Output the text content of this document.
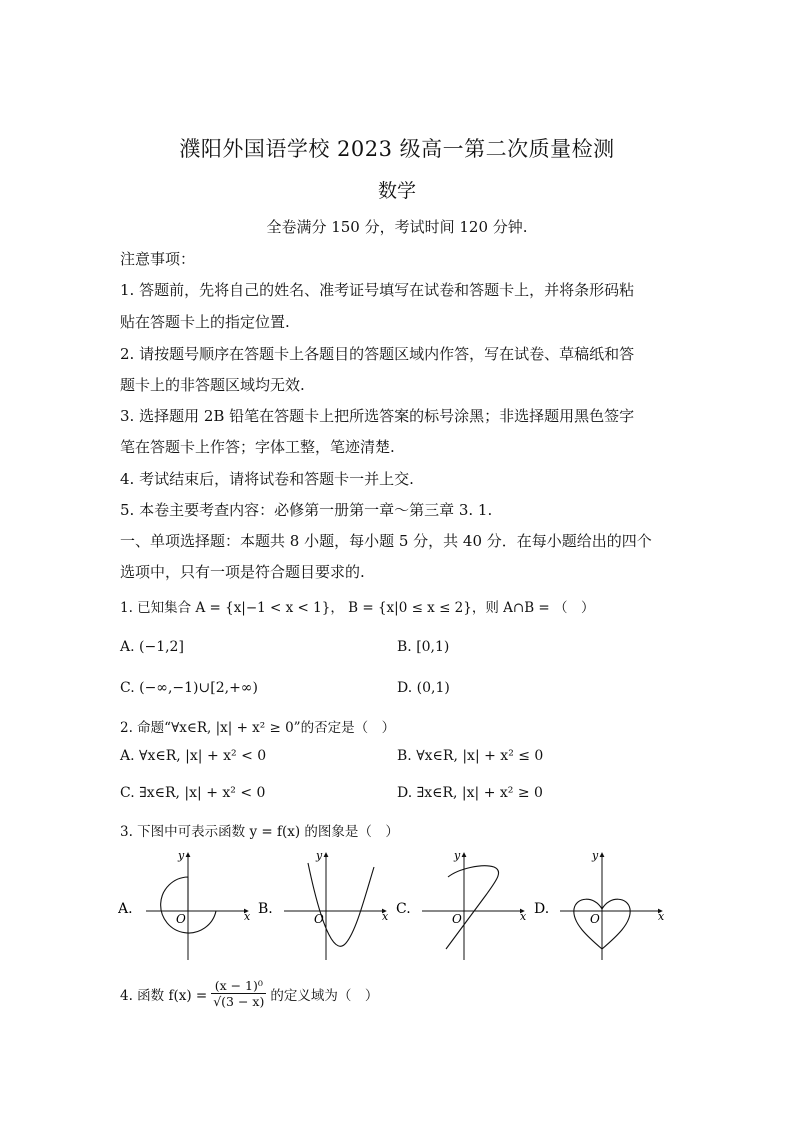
濮阳外国语学校 2023 级高一第二次质量检测
数学
全卷满分 150 分，考试时间 120 分钟.
注意事项：
1. 答题前，先将自己的姓名、准考证号填写在试卷和答题卡上，并将条形码粘
贴在答题卡上的指定位置.
2. 请按题号顺序在答题卡上各题目的答题区域内作答，写在试卷、草稿纸和答
题卡上的非答题区域均无效.
3. 选择题用 2B 铅笔在答题卡上把所选答案的标号涂黑；非选择题用黑色签字
笔在答题卡上作答；字体工整，笔迹清楚.
4. 考试结束后，请将试卷和答题卡一并上交.
5. 本卷主要考查内容：必修第一册第一章～第三章 3. 1.
一、单项选择题：本题共 8 小题，每小题 5 分，共 40 分．在每小题给出的四个
选项中，只有一项是符合题目要求的.
1. 已知集合 A = {x|−1 < x < 1}， B = {x|0 ≤ x ≤ 2}，则 A∩B = （　）
A. (−1,2]	B. [0,1)
C. (−∞,−1)∪[2,+∞)	D. (0,1)
2. 命题“∀x∈R, |x| + x² ≥ 0”的否定是（　）
A. ∀x∈R, |x| + x² < 0	B. ∀x∈R, |x| + x² ≤ 0
C. ∃x∈R, |x| + x² < 0	D. ∃x∈R, |x| + x² ≥ 0
3. 下图中可表示函数 y = f(x) 的图象是（　）
A.	x
y
O
B.	x
y
O
C.	x
y
O
D.	x
y
O
4. 函数 $f(x) = \frac{\text{(x − 1)⁰}}{√(3 - x)}$ 的定义域为（　）
